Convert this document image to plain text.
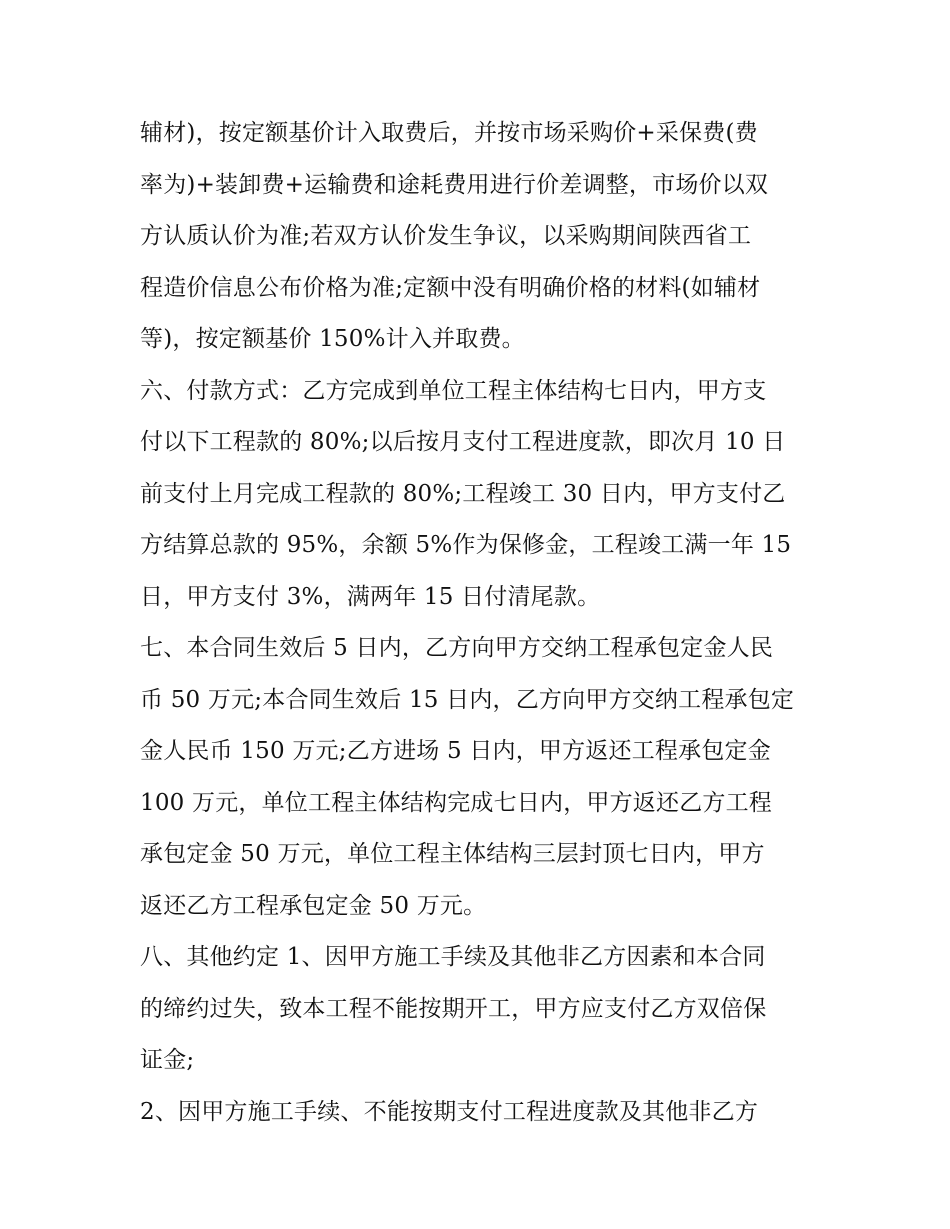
辅材)，按定额基价计入取费后，并按市场采购价+采保费(费
率为)+装卸费+运输费和途耗费用进行价差调整，市场价以双
方认质认价为准;若双方认价发生争议，以采购期间陕西省工
程造价信息公布价格为准;定额中没有明确价格的材料(如辅材
等)，按定额基价 150%计入并取费。
六、付款方式：乙方完成到单位工程主体结构七日内，甲方支
付以下工程款的 80%;以后按月支付工程进度款，即次月 10 日
前支付上月完成工程款的 80%;工程竣工 30 日内，甲方支付乙
方结算总款的 95%，余额 5%作为保修金，工程竣工满一年 15
日，甲方支付 3%，满两年 15 日付清尾款。
七、本合同生效后 5 日内，乙方向甲方交纳工程承包定金人民
币 50 万元;本合同生效后 15 日内，乙方向甲方交纳工程承包定
金人民币 150 万元;乙方进场 5 日内，甲方返还工程承包定金
100 万元，单位工程主体结构完成七日内，甲方返还乙方工程
承包定金 50 万元，单位工程主体结构三层封顶七日内，甲方
返还乙方工程承包定金 50 万元。
八、其他约定 1、因甲方施工手续及其他非乙方因素和本合同
的缔约过失，致本工程不能按期开工，甲方应支付乙方双倍保
证金;
2、因甲方施工手续、不能按期支付工程进度款及其他非乙方
